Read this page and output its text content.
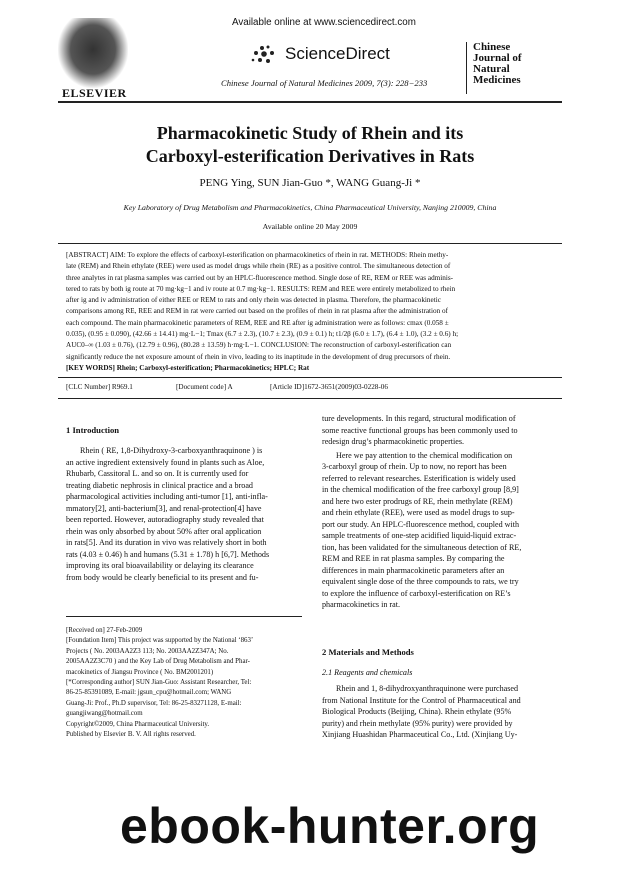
ELSEVIER
Available online at www.sciencedirect.com
ScienceDirect
Chinese Journal of Natural Medicines 2009, 7(3): 228−233
Chinese
Journal of
Natural
Medicines
Pharmacokinetic Study of Rhein and its
Carboxyl-esterification Derivatives in Rats
PENG Ying, SUN Jian-Guo *, WANG Guang-Ji *
Key Laboratory of Drug Metabolism and Pharmacokinetics, China Pharmaceutical University, Nanjing 210009, China
Available online 20 May 2009
[ABSTRACT] AIM: To explore the effects of carboxyl-esterification on pharmacokinetics of rhein in rat. METHODS: Rhein methy-
late (REM) and Rhein ethylate (REE) were used as model drugs while rhein (RE) as a positive control. The simultaneous detection of
three analytes in rat plasma samples was carried out by an HPLC-fluorescence method. Single dose of RE, REM or REE was adminis-
tered to rats by both ig route at 70 mg·kg−1 and iv route at 0.7 mg·kg−1. RESULTS: REM and REE were entirely metabolized to rhein
after ig and iv administration of either REE or REM to rats and only rhein was detected in plasma. Therefore, the pharmacokinetic
comparisons among RE, REE and REM in rat were carried out based on the profiles of rhein in rat plasma after the administration of
each compound. The main pharmacokinetic parameters of REM, REE and RE after ig administration were as follows: cmax (0.058 ±
0.035), (0.95 ± 0.090), (42.66 ± 14.41) mg·L−1; Tmax (6.7 ± 2.3), (10.7 ± 2.3), (0.9 ± 0.1) h; t1/2β (6.0 ± 1.7), (6.4 ± 1.0), (3.2 ± 0.6) h;
AUC0–∞ (1.03 ± 0.76), (12.79 ± 0.96), (80.28 ± 13.59) h·mg·L−1. CONCLUSION: The reconstruction of carboxyl-esterification can
significantly reduce the net exposure amount of rhein in vivo, leading to its inaptitude in the development of drug precursors of rhein.
[KEY WORDS] Rhein; Carboxyl-esterification; Pharmacokinetics; HPLC; Rat
[CLC Number] R969.1	[Document code] A	[Article ID]1672-3651(2009)03-0228-06
1 Introduction
Rhein ( RE, 1,8-Dihydroxy-3-carboxyanthraquinone ) is
an active ingredient extensively found in plants such as Aloe,
Rhubarb, Cassitoral L. and so on. It is currently used for
treating diabetic nephrosis in clinical practice and a broad
pharmacological activities including anti-tumor [1], anti-infla-
mmatory[2], anti-bacterium[3], and renal-protection[4] have
been reported. However, autoradiography study revealed that
rhein was only absorbed by about 50% after oral application
in rats[5]. And its duration in vivo was relatively short in both
rats (4.03 ± 0.46) h and humans (5.31 ± 1.78) h [6,7]. Methods
improving its oral bioavailability or delaying its clearance
from body would be clearly beneficial to its present and fu-
[Received on] 27-Feb-2009
[Foundation Item] This project was supported by the National ‘863’
Projects ( No. 2003AA2Z3 113; No. 2003AA2Z347A; No.
2005AA2Z3C70 ) and the Key Lab of Drug Metabolism and Phar-
macokinetics of Jiangsu Province ( No. BM2001201)
[*Corresponding author] SUN Jian-Guo: Assistant Researcher, Tel:
86-25-85391089, E-mail: jgsun_cpu@hotmail.com; WANG
Guang-Ji: Prof., Ph.D supervisor, Tel: 86-25-83271128, E-mail:
guangjiwang@hotmail.com
Copyright©2009, China Pharmaceutical University.
Published by Elsevier B. V. All rights reserved.
ture developments. In this regard, structural modification of
some reactive functional groups has been commonly used to
redesign drug’s pharmacokinetic properties.
Here we pay attention to the chemical modification on
3-carboxyl group of rhein. Up to now, no report has been
referred to relevant researches. Esterification is widely used
in the chemical modification of the free carboxyl group [8,9]
and here two ester prodrugs of RE, rhein methylate (REM)
and rhein ethylate (REE), were used as model drugs to sup-
port our study. An HPLC-fluorescence method, coupled with
sample treatments of one-step acidified liquid-liquid extrac-
tion, has been validated for the simultaneous detection of RE,
REM and REE in rat plasma samples. By comparing the
differences in main pharmacokinetic parameters after an
equivalent single dose of the three compounds to rats, we try
to explore the influence of carboxyl-esterification on RE’s
pharmacokinetics in rat.
2 Materials and Methods
2.1 Reagents and chemicals
Rhein and 1, 8-dihydroxyanthraquinone were purchased
from National Institute for the Control of Pharmaceutical and
Biological Products (Beijing, China). Rhein ethylate (95%
purity) and rhein methylate (95% purity) were provided by
Xinjiang Huashidan Pharmaceutical Co., Ltd. (Xinjiang Uy-
ebook-hunter.org
